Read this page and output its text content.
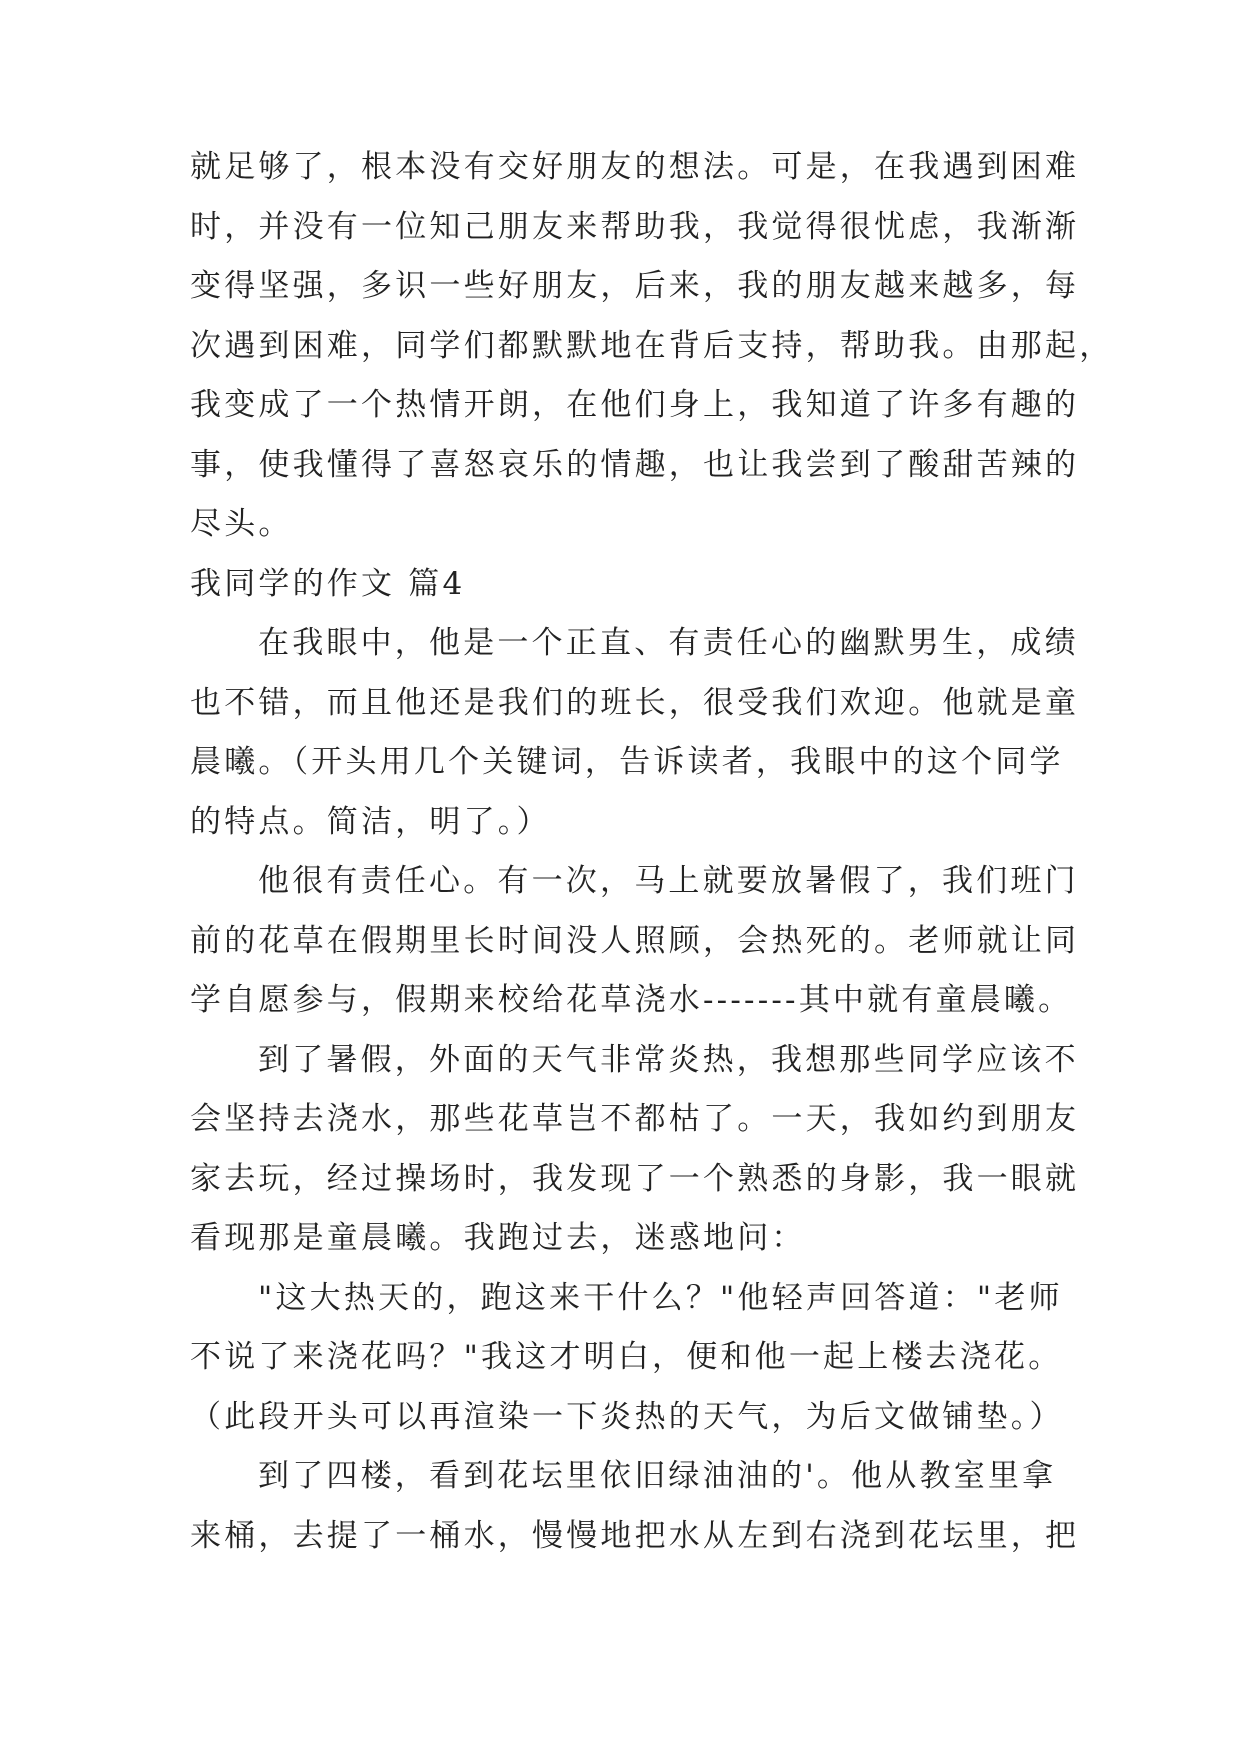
就足够了，根本没有交好朋友的想法。可是，在我遇到困难
时，并没有一位知己朋友来帮助我，我觉得很忧虑，我渐渐
变得坚强，多识一些好朋友，后来，我的朋友越来越多，每
次遇到困难，同学们都默默地在背后支持，帮助我。由那起，
我变成了一个热情开朗，在他们身上，我知道了许多有趣的
事，使我懂得了喜怒哀乐的情趣，也让我尝到了酸甜苦辣的
尽头。
我同学的作文 篇4
在我眼中，他是一个正直、有责任心的幽默男生，成绩
也不错，而且他还是我们的班长，很受我们欢迎。他就是童
晨曦。（开头用几个关键词，告诉读者，我眼中的这个同学
的特点。简洁，明了。）
他很有责任心。有一次，马上就要放暑假了，我们班门
前的花草在假期里长时间没人照顾，会热死的。老师就让同
学自愿参与，假期来校给花草浇水-------其中就有童晨曦。
到了暑假，外面的天气非常炎热，我想那些同学应该不
会坚持去浇水，那些花草岂不都枯了。一天，我如约到朋友
家去玩，经过操场时，我发现了一个熟悉的身影，我一眼就
看现那是童晨曦。我跑过去，迷惑地问：
"这大热天的，跑这来干什么？"他轻声回答道："老师
不说了来浇花吗？"我这才明白，便和他一起上楼去浇花。
（此段开头可以再渲染一下炎热的天气，为后文做铺垫。）
到了四楼，看到花坛里依旧绿油油的'。他从教室里拿
来桶，去提了一桶水，慢慢地把水从左到右浇到花坛里，把
